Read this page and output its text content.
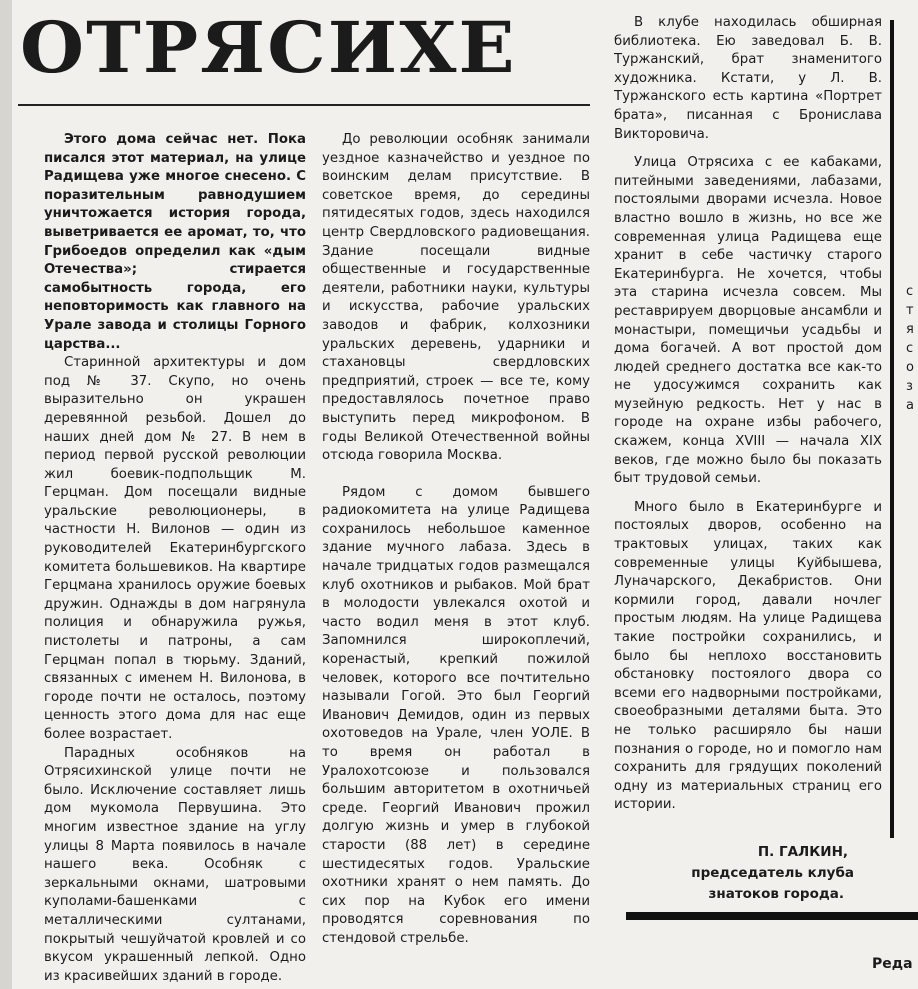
ОТРЯСИХЕ

Этого дома сейчас нет. Пока писался этот материал, на улице Радищева уже многое снесено. С поразительным равнодушием уничтожается история города, выветривается ее аромат, то, что Грибоедов определил как «дым Отечества»; стирается самобытность города, его неповторимость как главного на Урале завода и столицы Горного царства...

Старинной архитектуры и дом под № 37. Скупо, но очень выразительно он украшен деревянной резьбой. Дошел до наших дней дом № 27. В нем в период первой русской революции жил боевик-подпольщик М. Герцман. Дом посещали видные уральские революционеры, в частности Н. Вилонов — один из руководителей Екатеринбургского комитета большевиков. На квартире Герцмана хранилось оружие боевых дружин. Однажды в дом нагрянула полиция и обнаружила ружья, пистолеты и патроны, а сам Герцман попал в тюрьму. Зданий, связанных с именем Н. Вилонова, в городе почти не осталось, поэтому ценность этого дома для нас еще более возрастает.

Парадных особняков на Отрясихинской улице почти не было. Исключение составляет лишь дом мукомола Первушина. Это многим известное здание на углу улицы 8 Марта появилось в начале нашего века. Особняк с зеркальными окнами, шатровыми куполами-башенками с металлическими султанами, покрытый чешуйчатой кровлей и со вкусом украшенный лепкой. Одно из красивейших зданий в городе.

До революции особняк занимали уездное казначейство и уездное по воинским делам присутствие. В советское время, до середины пятидесятых годов, здесь находился центр Свердловского радиовещания. Здание посещали видные общественные и государственные деятели, работники науки, культуры и искусства, рабочие уральских заводов и фабрик, колхозники уральских деревень, ударники и стахановцы свердловских предприятий, строек — все те, кому предоставлялось почетное право выступить перед микрофоном. В годы Великой Отечественной войны отсюда говорила Москва.

Рядом с домом бывшего радиокомитета на улице Радищева сохранилось небольшое каменное здание мучного лабаза. Здесь в начале тридцатых годов размещался клуб охотников и рыбаков. Мой брат в молодости увлекался охотой и часто водил меня в этот клуб. Запомнился широкоплечий, коренастый, крепкий пожилой человек, которого все почтительно называли Гогой. Это был Георгий Иванович Демидов, один из первых охотоведов на Урале, член УОЛЕ. В то время он работал в Уралохотсоюзе и пользовался большим авторитетом в охотничьей среде. Георгий Иванович прожил долгую жизнь и умер в глубокой старости (88 лет) в середине шестидесятых годов. Уральские охотники хранят о нем память. До сих пор на Кубок его имени проводятся соревнования по стендовой стрельбе.

В клубе находилась обширная библиотека. Ею заведовал Б. В. Туржанский, брат знаменитого художника. Кстати, у Л. В. Туржанского есть картина «Портрет брата», писанная с Бронислава Викторовича.

Улица Отрясиха с ее кабаками, питейными заведениями, лабазами, постоялыми дворами исчезла. Новое властно вошло в жизнь, но все же современная улица Радищева еще хранит в себе частичку старого Екатеринбурга. Не хочется, чтобы эта старина исчезла совсем. Мы реставрируем дворцовые ансамбли и монастыри, помещичьи усадьбы и дома богачей. А вот простой дом людей среднего достатка все как-то не удосужимся сохранить как музейную редкость. Нет у нас в городе на охране избы рабочего, скажем, конца XVIII — начала XIX веков, где можно было бы показать быт трудовой семьи.

Много было в Екатеринбурге и постоялых дворов, особенно на трактовых улицах, таких как современные улицы Куйбышева, Луначарского, Декабристов. Они кормили город, давали ночлег простым людям. На улице Радищева такие постройки сохранились, и было бы неплохо восстановить обстановку постоялого двора со всеми его надворными постройками, своеобразными деталями быта. Это не только расширяло бы наши познания о городе, но и помогло нам сохранить для грядущих поколений одну из материальных страниц его истории.

П. ГАЛКИН,
председатель клуба
знатоков города.
с
т
я
с
о
з
а
Реда
